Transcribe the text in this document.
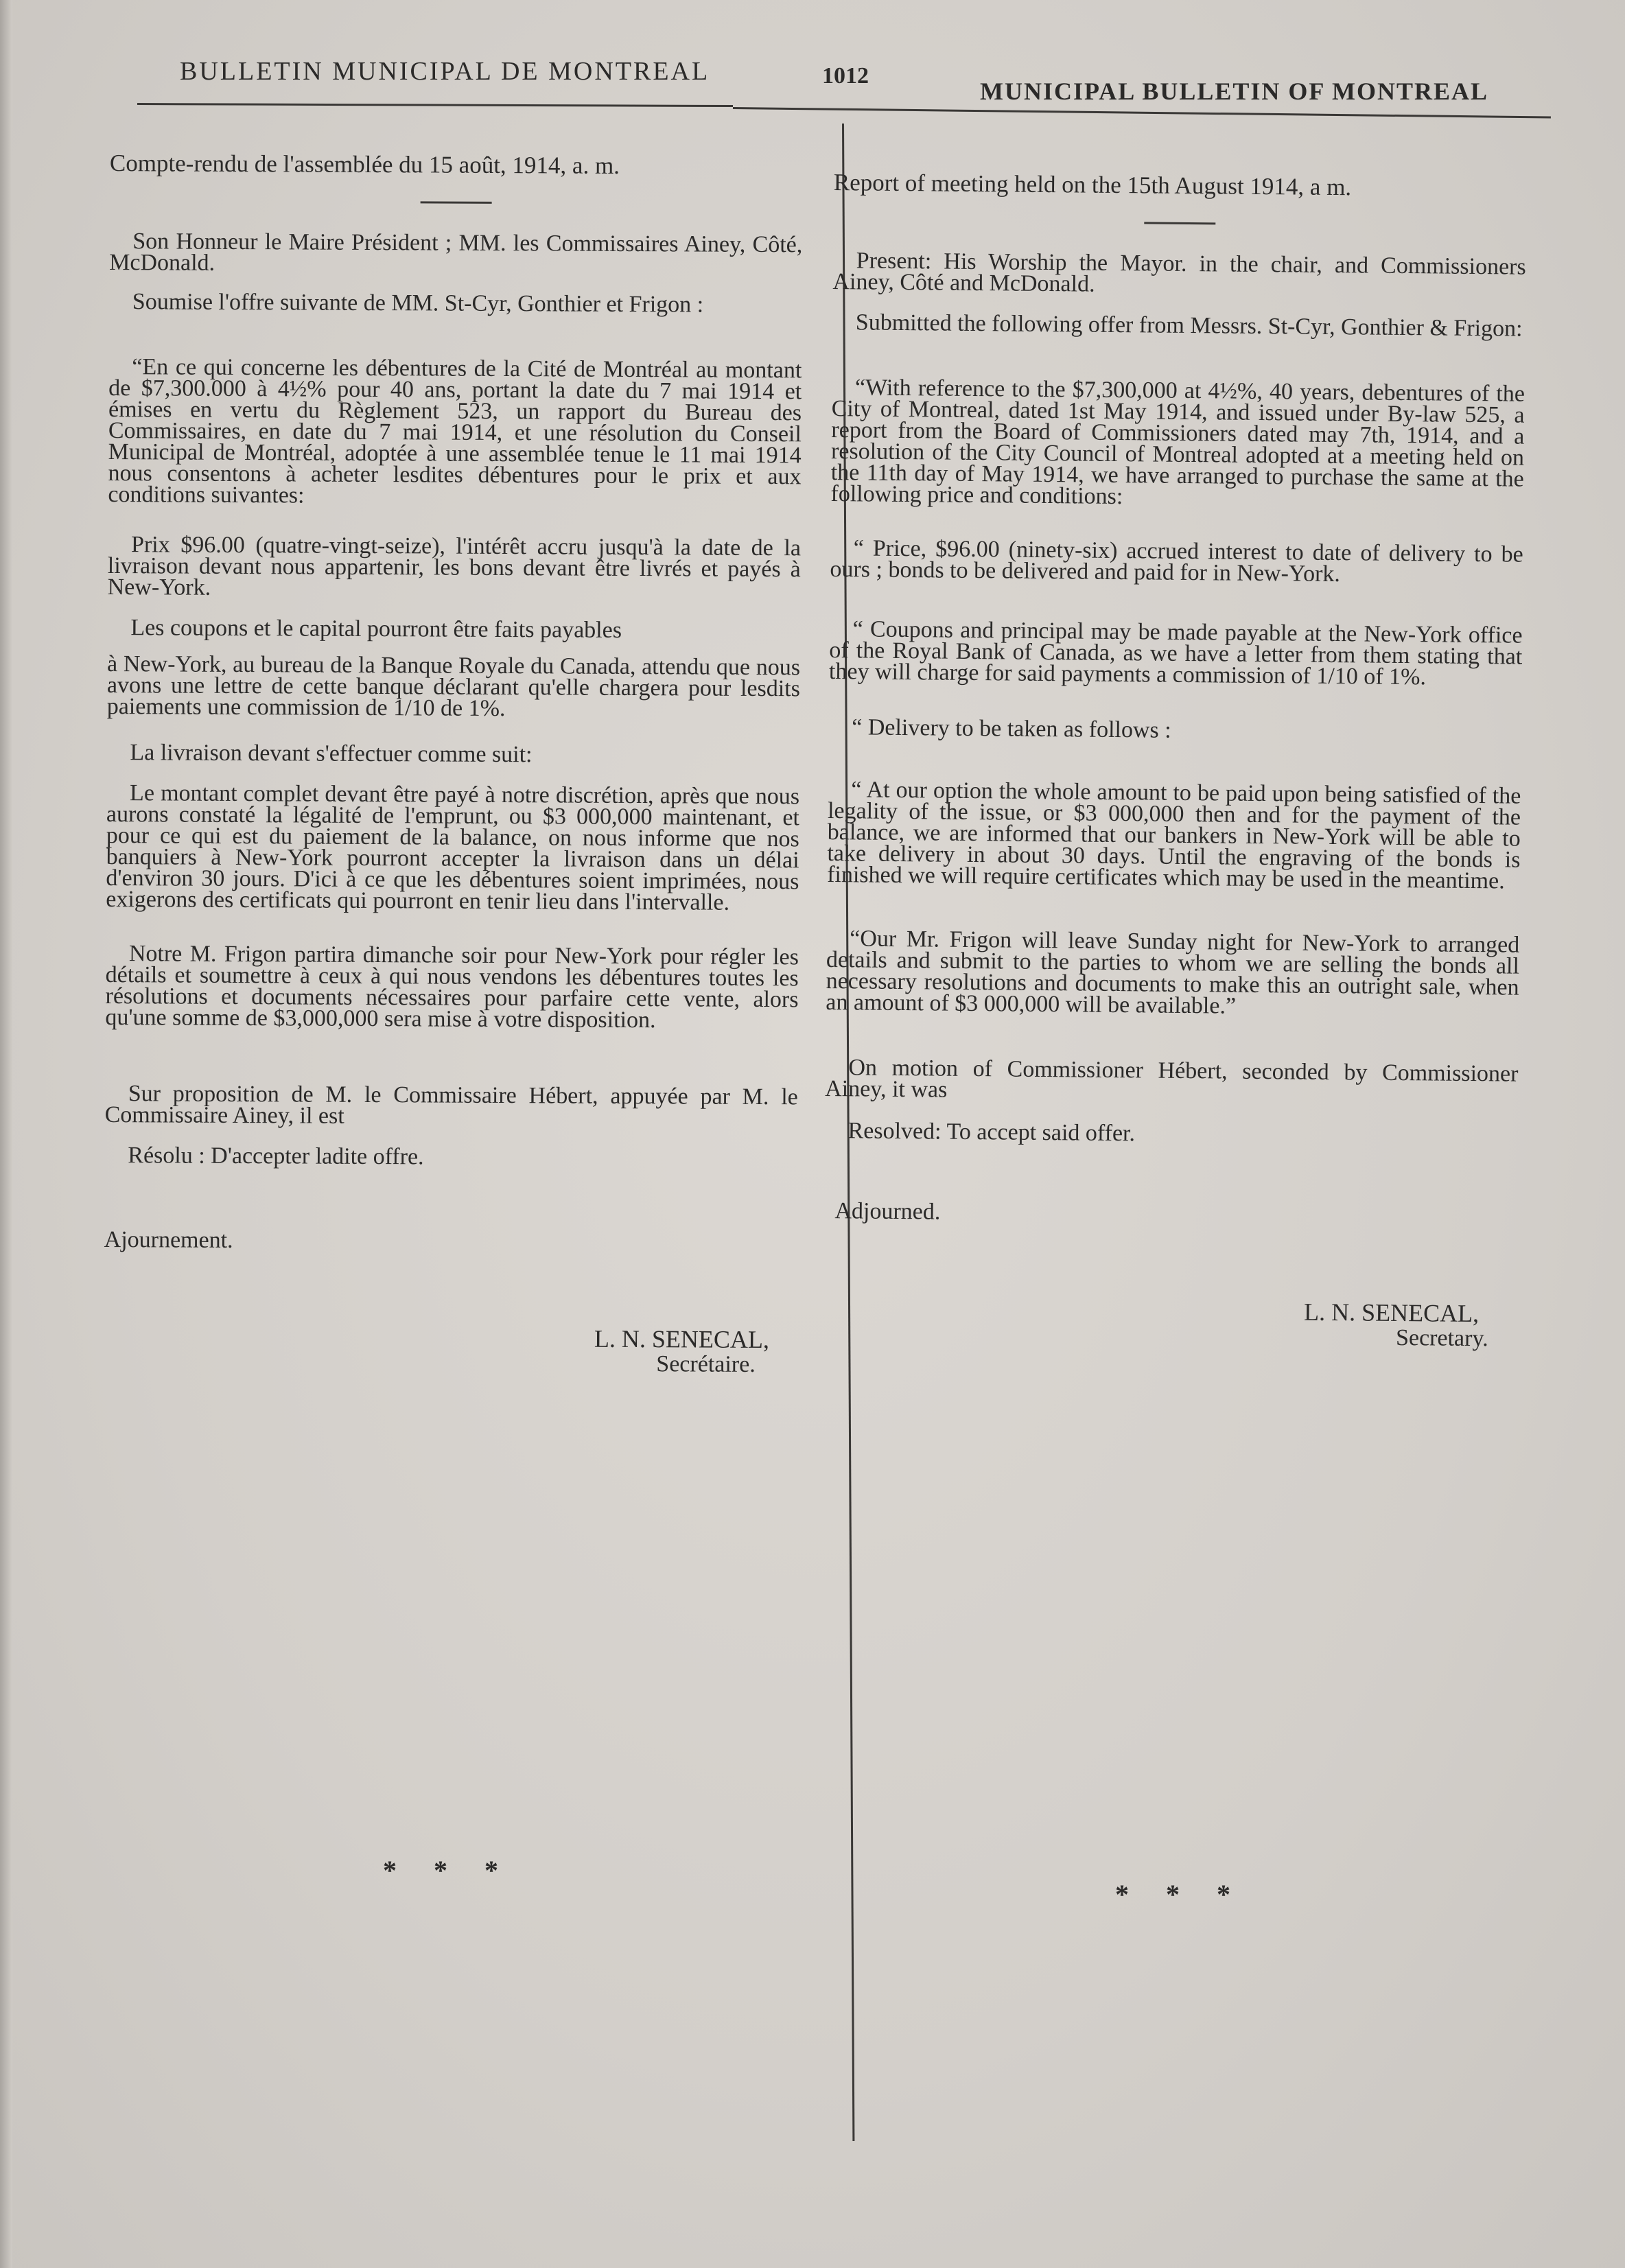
BULLETIN MUNICIPAL DE MONTREAL	1012
MUNICIPAL BULLETIN OF MONTREAL

Compte-rendu de l'assemblée du 15 août, 1914, a. m.

Son Honneur le Maire Président ; MM. les Commissaires Ainey, Côté, McDonald.

Soumise l'offre suivante de MM. St-Cyr, Gonthier et Frigon :

“En ce qui concerne les débentures de la Cité de Montréal au montant de $7,300.000 à 4½% pour 40 ans, portant la date du 7 mai 1914 et émises en vertu du Règlement 523, un rapport du Bureau des Commissaires, en date du 7 mai 1914, et une résolution du Conseil Municipal de Montréal, adoptée à une assemblée tenue le 11 mai 1914 nous consentons à acheter lesdites débentures pour le prix et aux conditions suivantes:

Prix $96.00 (quatre-vingt-seize), l'intérêt accru jusqu'à la date de la livraison devant nous appartenir, les bons devant être livrés et payés à New-York.

Les coupons et le capital pourront être faits payables

à New-York, au bureau de la Banque Royale du Canada, attendu que nous avons une lettre de cette banque déclarant qu'elle chargera pour lesdits paiements une commission de 1/10 de 1%.

La livraison devant s'effectuer comme suit:

Le montant complet devant être payé à notre discrétion, après que nous aurons constaté la légalité de l'emprunt, ou $3 000,000 maintenant, et pour ce qui est du paiement de la balance, on nous informe que nos banquiers à New-York pourront accepter la livraison dans un délai d'environ 30 jours. D'ici à ce que les débentures soient imprimées, nous exigerons des certificats qui pourront en tenir lieu dans l'intervalle.

Notre M. Frigon partira dimanche soir pour New-York pour régler les détails et soumettre à ceux à qui nous vendons les débentures toutes les résolutions et documents nécessaires pour parfaire cette vente, alors qu'une somme de $3,000,000 sera mise à votre disposition.

Sur proposition de M. le Commissaire Hébert, appuyée par M. le Commissaire Ainey, il est

Résolu : D'accepter ladite offre.

Ajournement.

L. N. SENECAL,
Secrétaire.

Report of meeting held on the 15th August 1914, a m.

Present: His Worship the Mayor. in the chair, and Commissioners Ainey, Côté and McDonald.

Submitted the following offer from Messrs. St-Cyr, Gonthier & Frigon:

“With reference to the $7,300,000 at 4½%, 40 years, debentures of the City of Montreal, dated 1st May 1914, and issued under By-law 525, a report from the Board of Commissioners dated may 7th, 1914, and a resolution of the City Council of Montreal adopted at a meeting held on the 11th day of May 1914, we have arranged to purchase the same at the following price and conditions:

“ Price, $96.00 (ninety-six) accrued interest to date of delivery to be ours ; bonds to be delivered and paid for in New-York.

“ Coupons and principal may be made payable at the New-York office of the Royal Bank of Canada, as we have a letter from them stating that they will charge for said payments a commission of 1/10 of 1%.

“ Delivery to be taken as follows :

“ At our option the whole amount to be paid upon being satisfied of the legality of the issue, or $3 000,000 then and for the payment of the balance, we are informed that our bankers in New-York will be able to take delivery in about 30 days. Until the engraving of the bonds is finished we will require certificates which may be used in the meantime.

“Our Mr. Frigon will leave Sunday night for New-York to arranged details and submit to the parties to whom we are selling the bonds all necessary resolutions and documents to make this an outright sale, when an amount of $3 000,000 will be available.”

On motion of Commissioner Hébert, seconded by Commissioner Ainey, it was

Resolved: To accept said offer.

Adjourned.

L. N. SENECAL,
Secretary.
* * *
* * *
